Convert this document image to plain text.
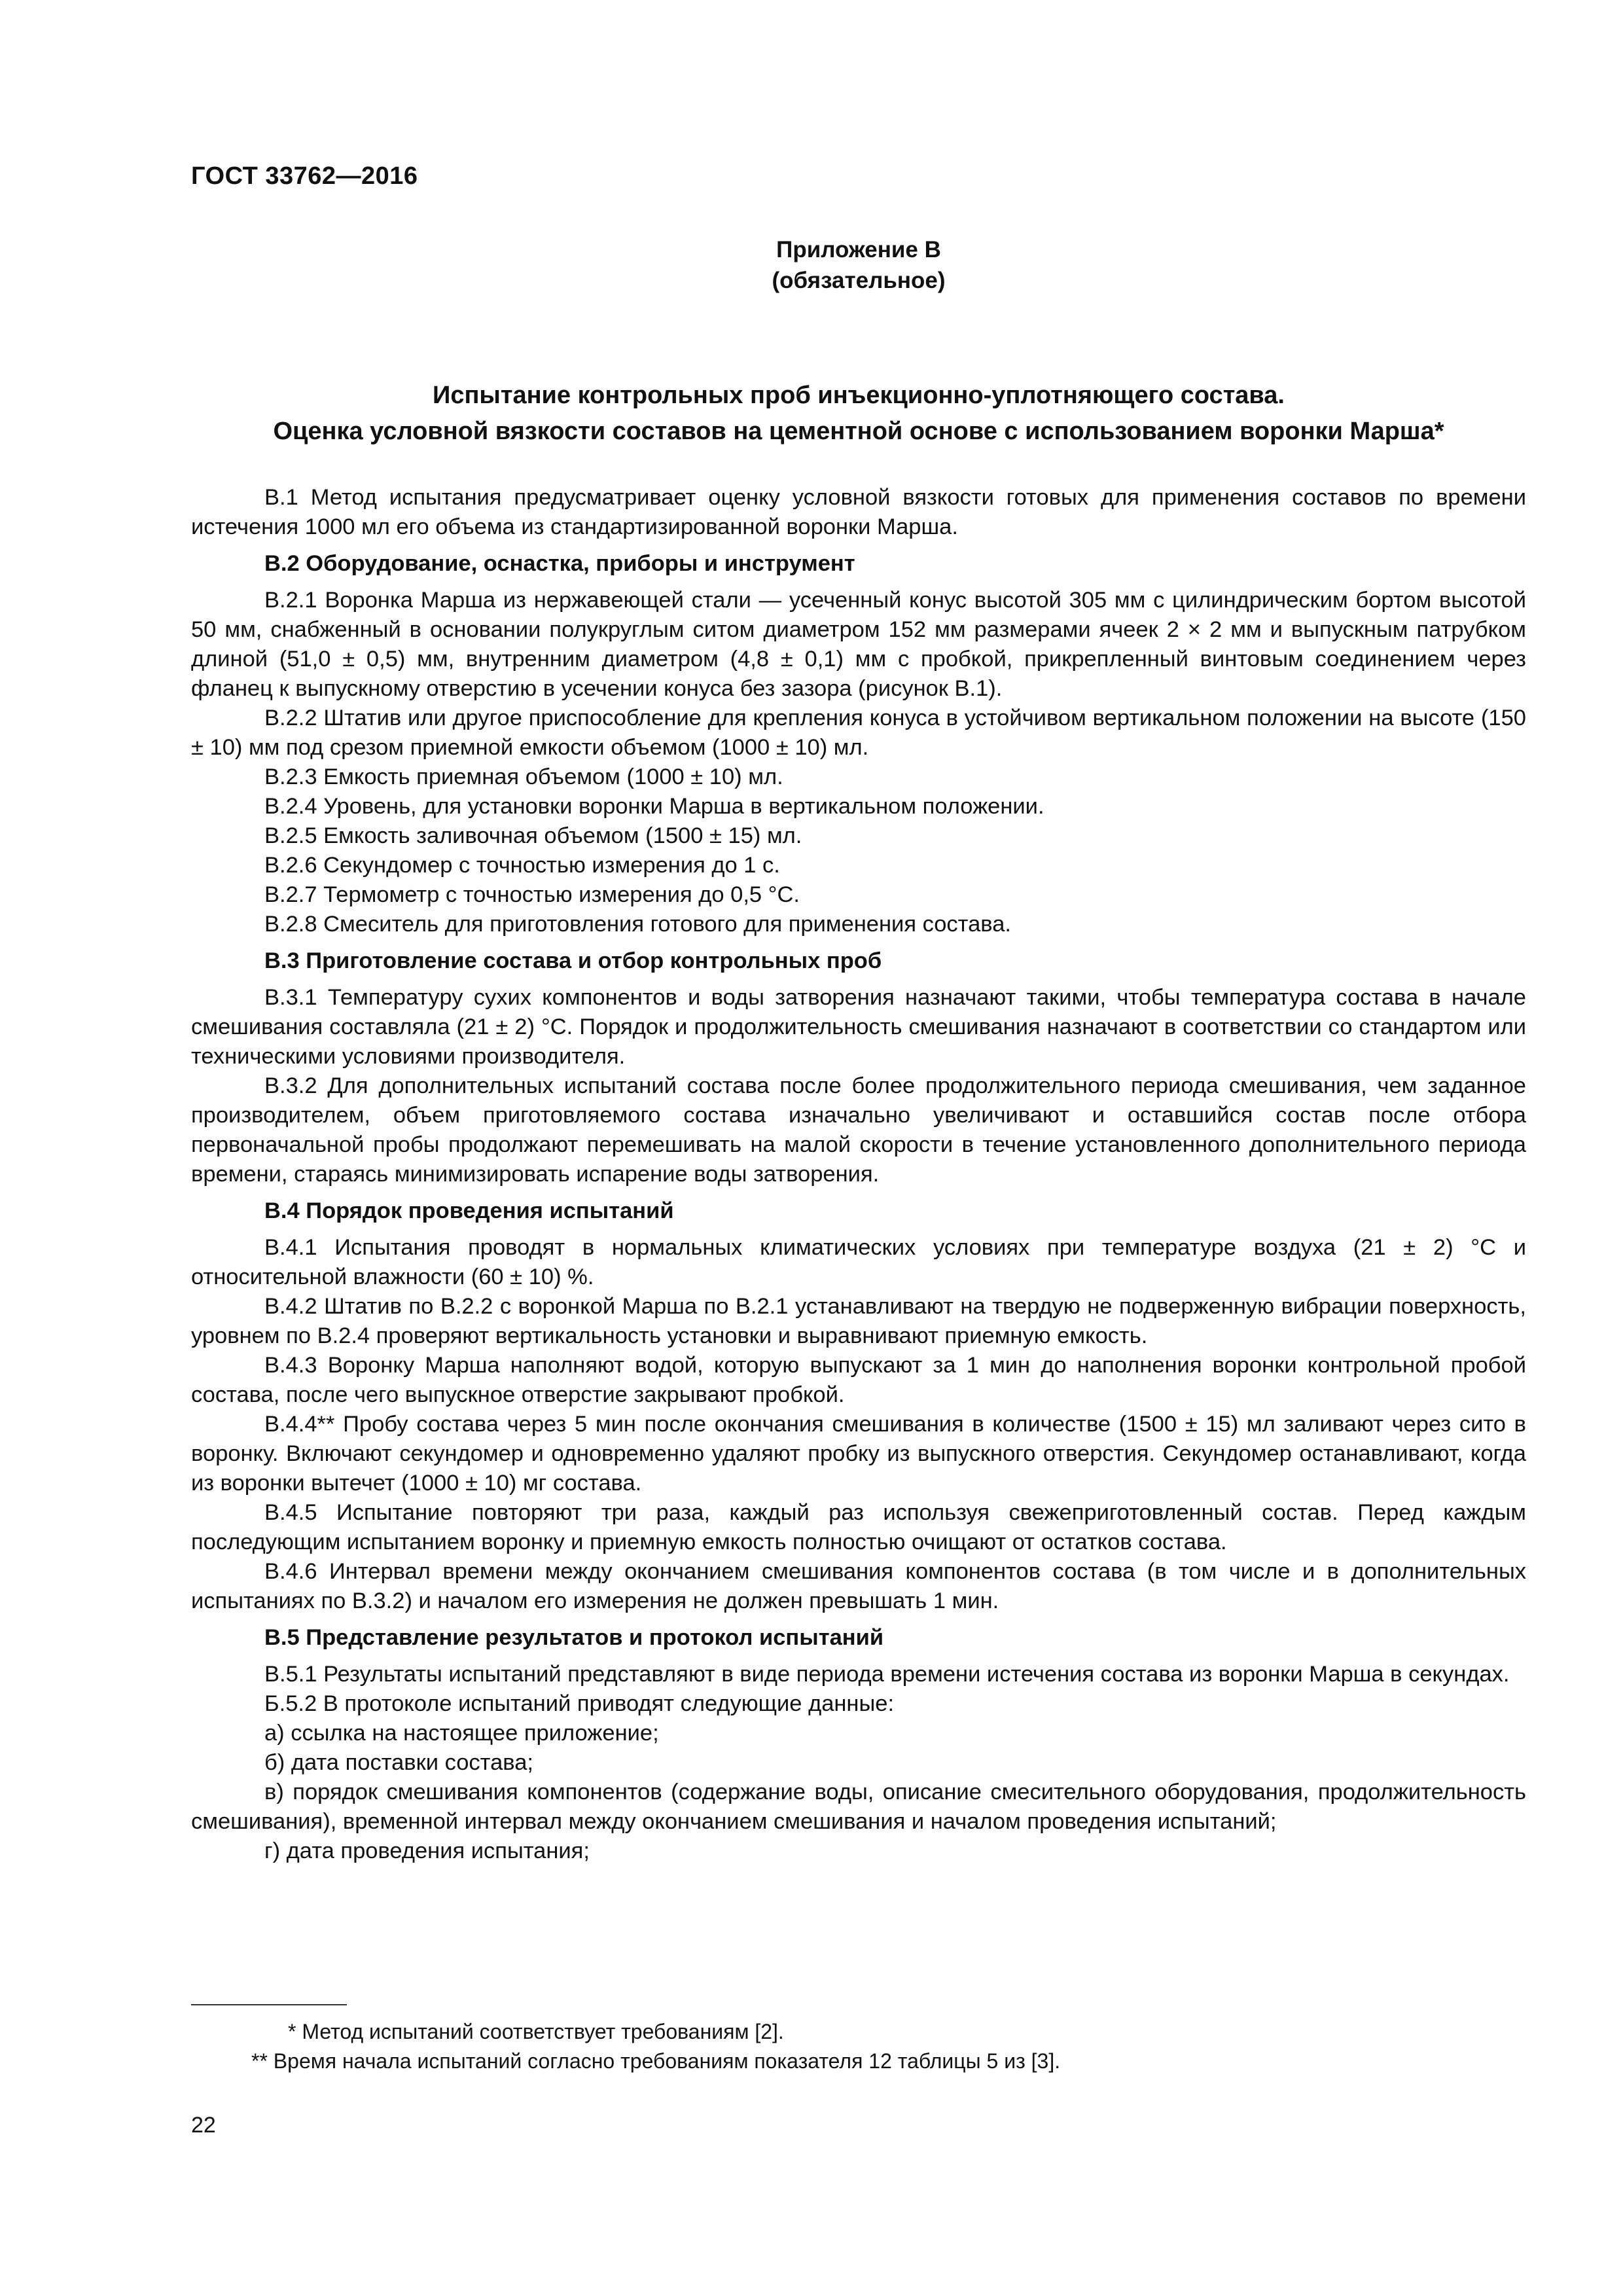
ГОСТ 33762—2016
Приложение В
(обязательное)
Испытание контрольных проб инъекционно-уплотняющего состава.
Оценка условной вязкости составов на цементной основе с использованием воронки Марша*

В.1 Метод испытания предусматривает оценку условной вязкости готовых для применения составов по времени истечения 1000 мл его объема из стандартизированной воронки Марша.

В.2 Оборудование, оснастка, приборы и инструмент

В.2.1 Воронка Марша из нержавеющей стали — усеченный конус высотой 305 мм с цилиндрическим бортом высотой 50 мм, снабженный в основании полукруглым ситом диаметром 152 мм размерами ячеек 2 × 2 мм и выпускным патрубком длиной (51,0 ± 0,5) мм, внутренним диаметром (4,8 ± 0,1) мм с пробкой, прикрепленный винтовым соединением через фланец к выпускному отверстию в усечении конуса без зазора (рисунок В.1).

В.2.2 Штатив или другое приспособление для крепления конуса в устойчивом вертикальном положении на высоте (150 ± 10) мм под срезом приемной емкости объемом (1000 ± 10) мл.

В.2.3 Емкость приемная объемом (1000 ± 10) мл.

В.2.4 Уровень, для установки воронки Марша в вертикальном положении.

В.2.5 Емкость заливочная объемом (1500 ± 15) мл.

В.2.6 Секундомер с точностью измерения до 1 с.

В.2.7 Термометр с точностью измерения до 0,5 °С.

В.2.8 Смеситель для приготовления готового для применения состава.

В.3 Приготовление состава и отбор контрольных проб

В.3.1 Температуру сухих компонентов и воды затворения назначают такими, чтобы температура состава в начале смешивания составляла (21 ± 2) °С. Порядок и продолжительность смешивания назначают в соответствии со стандартом или техническими условиями производителя.

В.3.2 Для дополнительных испытаний состава после более продолжительного периода смешивания, чем заданное производителем, объем приготовляемого состава изначально увеличивают и оставшийся состав после отбора первоначальной пробы продолжают перемешивать на малой скорости в течение установленного дополнительного периода времени, стараясь минимизировать испарение воды затворения.

В.4 Порядок проведения испытаний

В.4.1 Испытания проводят в нормальных климатических условиях при температуре воздуха (21 ± 2) °С и относительной влажности (60 ± 10) %.

В.4.2 Штатив по В.2.2 с воронкой Марша по В.2.1 устанавливают на твердую не подверженную вибрации поверхность, уровнем по В.2.4 проверяют вертикальность установки и выравнивают приемную емкость.

В.4.3 Воронку Марша наполняют водой, которую выпускают за 1 мин до наполнения воронки контрольной пробой состава, после чего выпускное отверстие закрывают пробкой.

В.4.4** Пробу состава через 5 мин после окончания смешивания в количестве (1500 ± 15) мл заливают через сито в воронку. Включают секундомер и одновременно удаляют пробку из выпускного отверстия. Секундомер останавливают, когда из воронки вытечет (1000 ± 10) мг состава.

В.4.5 Испытание повторяют три раза, каждый раз используя свежеприготовленный состав. Перед каждым последующим испытанием воронку и приемную емкость полностью очищают от остатков состава.

В.4.6 Интервал времени между окончанием смешивания компонентов состава (в том числе и в дополнительных испытаниях по В.3.2) и началом его измерения не должен превышать 1 мин.

В.5 Представление результатов и протокол испытаний

В.5.1 Результаты испытаний представляют в виде периода времени истечения состава из воронки Марша в секундах.

Б.5.2 В протоколе испытаний приводят следующие данные:

а) ссылка на настоящее приложение;

б) дата поставки состава;

в) порядок смешивания компонентов (содержание воды, описание смесительного оборудования, продолжительность смешивания), временной интервал между окончанием смешивания и началом проведения испытаний;

г) дата проведения испытания;

* Метод испытаний соответствует требованиям [2].

** Время начала испытаний согласно требованиям показателя 12 таблицы 5 из [3].

22
